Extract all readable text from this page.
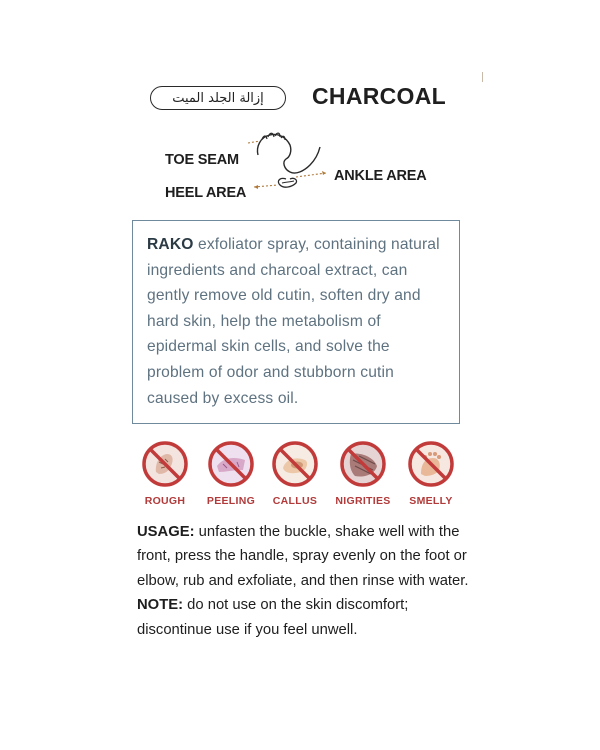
إزالة الجلد الميت CHARCOAL
TOE SEAM
HEEL AREA
ANKLE AREA

RAKO exfoliator spray, containing natural ingredients and charcoal extract, can gently remove old cutin, soften dry and hard skin, help the metabolism of epidermal skin cells, and solve the problem of odor and stubborn cutin caused by excess oil.

ROUGH	PEELING	CALLUS	NIGRITIES	SMELLY

USAGE: unfasten the buckle, shake well with the front, press the handle, spray evenly on the foot or elbow, rub and exfoliate, and then rinse with water.
NOTE: do not use on the skin discomfort; discontinue use if you feel unwell.
